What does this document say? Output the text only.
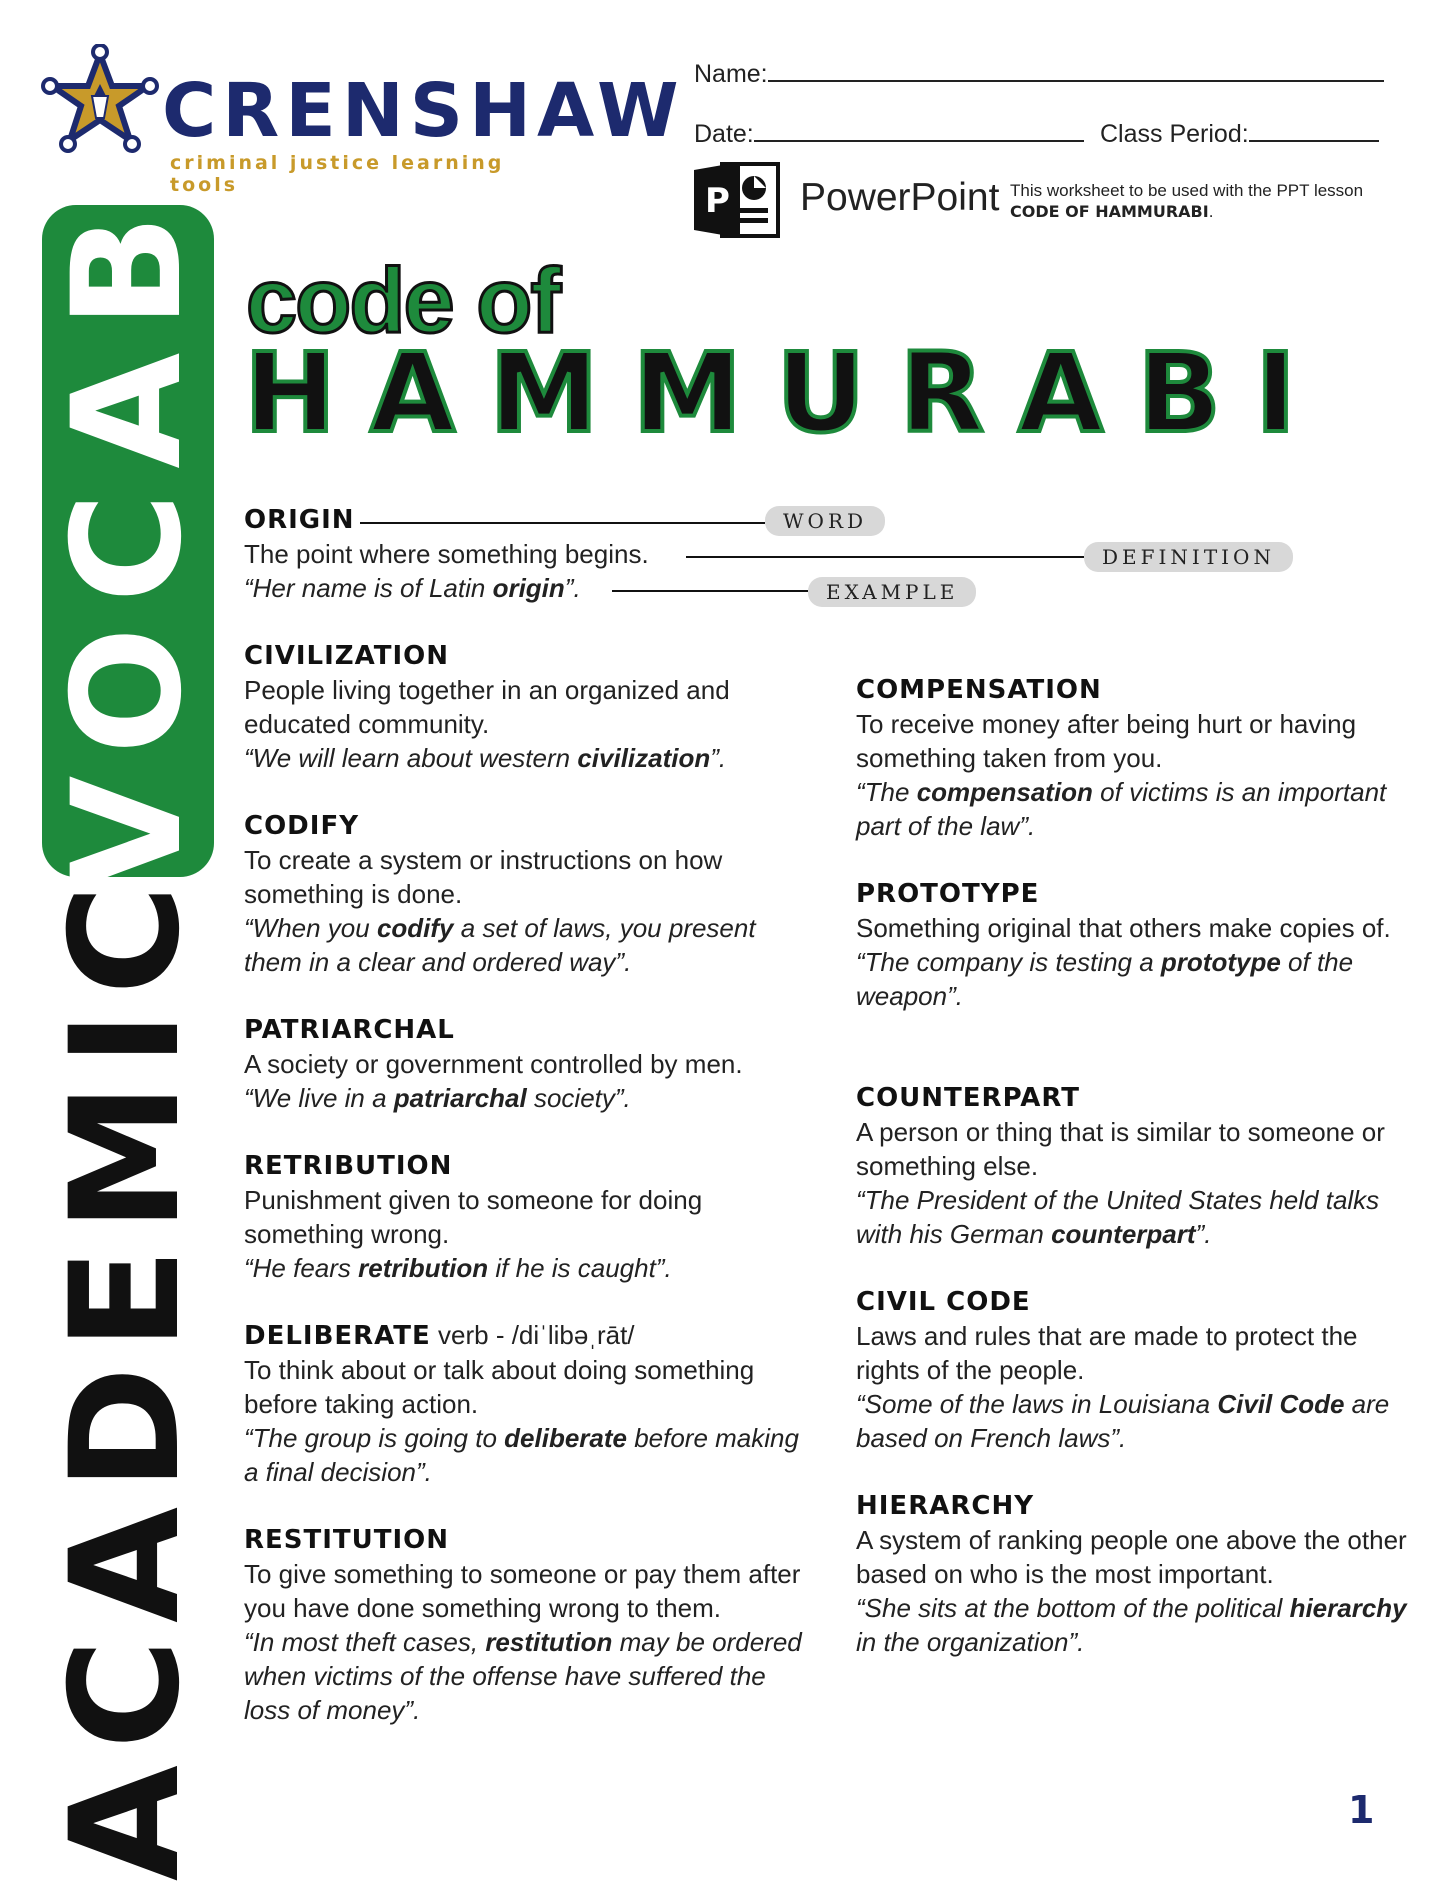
VOCAB
ACADEMIC
CRENSHAW
criminal justice learning tools
Name:
Date:	Class Period:
P PowerPoint This worksheet to be used with the PPT lesson CODE OF HAMMURABI.
code of
HAMMURABI
ORIGIN
The point where something begins.
“Her name is of Latin origin”.
WORD
DEFINITION
EXAMPLE
CIVILIZATION
People living together in an organized and educated community.
“We will learn about western civilization”.
CODIFY
To create a system or instructions on how something is done.
“When you codify a set of laws, you present them in a clear and ordered way”.
PATRIARCHAL
A society or government controlled by men.
“We live in a patriarchal society”.
RETRIBUTION
Punishment given to someone for doing something wrong.
“He fears retribution if he is caught”.
DELIBERATE verb - /diˈlibəˌrāt/
To think about or talk about doing something before taking action.
“The group is going to deliberate before making a final decision”.
RESTITUTION
To give something to someone or pay them after you have done something wrong to them.
“In most theft cases, restitution may be ordered when victims of the offense have suffered the loss of money”.
COMPENSATION
To receive money after being hurt or having something taken from you.
“The compensation of victims is an important part of the law”.
PROTOTYPE
Something original that others make copies of.
“The company is testing a prototype of the weapon”.
COUNTERPART
A person or thing that is similar to someone or something else.
“The President of the United States held talks with his German counterpart”.
CIVIL CODE
Laws and rules that are made to protect the rights of the people.
“Some of the laws in Louisiana Civil Code are based on French laws”.
HIERARCHY
A system of ranking people one above the other based on who is the most important.
“She sits at the bottom of the political hierarchy in the organization”.
1
